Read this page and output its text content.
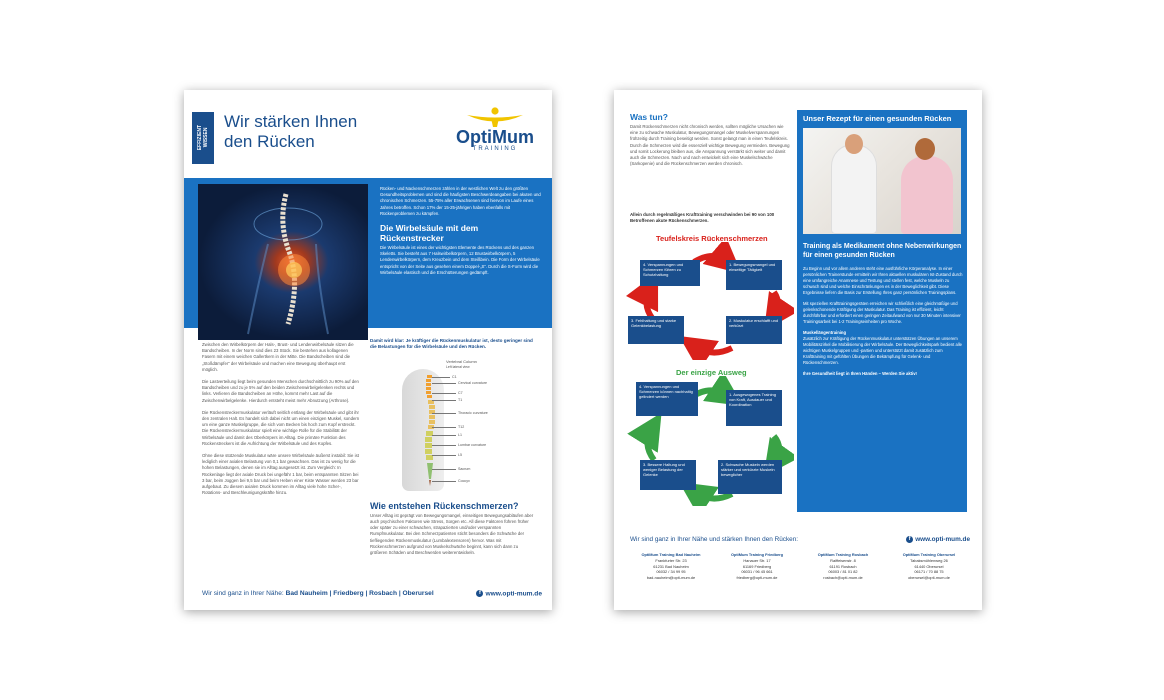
EFFIZIENT
WISSEN
Wir stärken Ihnen
den Rücken	OptiMum
TRAINING
Rücken- und Nackenschmerzen zählen in der westlichen Welt zu den größten Gesundheitsproblemen und sind die häufigsten Beschwerdeangaben bei akuten und chronischen Schmerzen. 55-75% aller Erwachsenen sind hiervon im Laufe eines Jahres betroffen. Schon 17% der 15-25-jährigen haben ebenfalls mit Rückenproblemen zu kämpfen.
Die Wirbelsäule mit dem Rückenstrecker
Die Wirbelsäule ist eines der wichtigsten Elemente des Rückens und des ganzen Skeletts. Sie besteht aus 7 Halswirbelkörpern, 12 Brustwirbelkörpern, 5 Lendenwirbelkörpern, dem Kreuzbein und dem Steißbein. Die Form der Wirbelsäule entspricht von der Seite aus gesehen einem Doppel-„S“. Durch die S-Form wird die Wirbelsäule elastisch und die Erschütterungen gedämpft.

Zwischen den Wirbelkörpern der Hals-, Brust- und Lendenwirbelsäule sitzen die Bandscheiben. In der Norm sind dies 23 Stück. Sie bestehen aus kollagenen Fasern mit einem weichen Gallertkern in der Mitte. Die Bandscheiben sind die „Stoßdämpfer“ der Wirbelsäule und machen eine Bewegung überhaupt erst möglich.

Die Lastverteilung liegt beim gesunden Menschen durchschnittlich zu 90% auf den Bandscheiben und zu je 5% auf den beiden Zwischenwirbelgelenken rechts und links. Verlieren die Bandscheiben an Höhe, kommt mehr Last auf die Zwischenwirbelgelenke. Hierdurch entsteht meist mehr Abnutzung (Arthrose).

Die Rückenstreckermuskulatur verläuft seitlich entlang der Wirbelsäule und gibt ihr den zentralen Halt. Es handelt sich dabei nicht um einen einzigen Muskel, sondern um eine ganze Muskelgruppe, die sich vom Becken bis hoch zum Kopf erstreckt. Die Rückenstreckermuskulatur spielt eine wichtige Rolle für die Stabilität der Wirbelsäule und damit des Oberkörpers im Alltag. Die primäre Funktion des Rückenstreckers ist die Aufrichtung der Wirbelsäule und des Kopfes.

Ohne diese stützende Muskulatur wäre unsere Wirbelsäule äußerst instabil: Sie ist lediglich einer axialen Belastung von 0,1 bar gewachsen. Das ist zu wenig für die hohen Belastungen, denen sie im Alltag ausgesetzt ist. Zum Vergleich: In Rückenlage liegt der axiale Druck bei ungefähr 1 bar, beim entspannten Sitzen bei 3 bar, beim Joggen bei 9,5 bar und beim Heben einer Kiste Wasser werden 23 bar aufgebaut. Zu diesem axialen Druck kommen im Alltag viele hohe Scher-, Rotations- und Beschleunigungskräfte hinzu.

Damit wird klar: Je kräftiger die Rückenmuskulatur ist, desto geringer sind die Belastungen für die Wirbelsäule und den Rücken.
Vertebral Column
Left lateral view
Cervical curvature
C1
C7
T1
Thoracic curvature
T12
L1
Lumbar curvature
L5
Sacrum
Coccyx
Wie entstehen Rückenschmerzen?
Unser Alltag ist geprägt von Bewegungsmangel, einseitigen Bewegungsabläufen aber auch psychischen Faktoren wie Stress, Sorgen etc. All diese Faktoren führen früher oder später zu einer schwachen, strapazierten und/oder verspannten Rumpfmuskulatur. Bei den Schmerzpatienten sticht besonders die Schwäche der tiefliegenden Rückenmuskulatur (Lumbalextensoren) hervor. Was mit Rückenschmerzen aufgrund von Muskelschwäche beginnt, kann sich dann zu größeren Schäden und Beschwerden weiterentwickeln.
Wir sind ganz in Ihrer Nähe: Bad Nauheim | Friedberg | Rosbach | Oberursel	f www.opti-mum.de
Was tun?
Damit Rückenschmerzen nicht chronisch werden, sollten mögliche Ursachen wie eine zu schwache Muskulatur, Bewegungsmangel oder Muskelverspannungen frühzeitig durch Training beseitigt werden. Sonst gelangt man in einen Teufelskreis. Durch die Schmerzen wird die essenziell wichtige Bewegung vermieden. Bewegung und somit Lockerung bleiben aus, die Anspannung verstärkt sich weiter und damit auch die Schmerzen. Nach und nach entwickelt sich eine Muskelschwäche (Sarkopenie) und die Rückenschmerzen werden chronisch.
Allein durch regelmäßiges Krafttraining verschwinden bei 90 von 100 Betroffenen akute Rückenschmerzen.
Teufelskreis Rückenschmerzen
1. Bewegungsmangel und einseitige Tätigkeit
2. Muskulatur erschlafft und verkürzt
3. Fehlhaltung und starke Gelenkbelastung
4. Verspannungen und Schmerzen führen zu Schutzhaltung
Der einzige Ausweg
1. Ausgewogenes Training von Kraft, Ausdauer und Koordination
2. Schwache Muskeln werden stärker und verkürzte Muskeln beweglicher
3. Bessere Haltung und weniger Belastung der Gelenke
4. Verspannungen und Schmerzen können nachhaltig gelindert werden
Unser Rezept für einen gesunden Rücken
Training als Medikament ohne Nebenwirkungen für einen gesunden Rücken

Zu Beginn und vor allem anderen steht eine ausführliche Körperanalyse. In einer persönlichen Trainerstunde ermitteln wir Ihren aktuellen muskulären Ist-Zustand durch eine umfangreiche Anamnese und Testung und stellen fest, welche Muskeln zu schwach sind und welche Einschränkungen es in der Beweglichkeit gibt. Diese Ergebnisse liefern die Basis zur Erstellung Ihres ganz persönlichen Trainingsplans.

Mit speziellen Krafttrainingsgeräten erreichen wir schließlich eine gleichmäßige und gelenkschonende Kräftigung der Muskulatur. Das Training ist effizient, leicht durchführbar und erfordert einen geringen Zeitaufwand von nur 30 Minuten intensiver Trainingsarbeit bei 1-2 Trainingseinheiten pro Woche.

Muskellängentraining

Zusätzlich zur Kräftigung der Rückenmuskulatur unterstützen Übungen an unserem Mobilitätszirkel die Mobilisierung der Wirbelsäule. Der Beweglichkeitspark bedient alle wichtigen Muskelgruppen und -partien und unterstützt damit zusätzlich zum Krafttraining mit gefühlten Übungen die Bekämpfung für Gelenk- und Rückenschmerzen.

Ihre Gesundheit liegt in Ihren Händen – Werden Sie aktiv!

Wir sind ganz in Ihrer Nähe und stärken Ihnen den Rücken:	f www.opti-mum.de
OptiMum Training Bad Nauheim
Frankfurter Str. 23
61231 Bad Nauheim
06032 / 34 99 95
bad-nauheim@opti-mum.de
OptiMum Training Friedberg
Hanauer Str. 17
61169 Friedberg
06031 / 96 45 661
friedberg@opti-mum.de
OptiMum Training Rosbach
Raiffeisenstr. 8
61191 Rosbach
06003 / 81 01 82
rosbach@opti-mum.de
OptiMum Training Oberursel
Tabaksmühlenweg 26
61440 Oberursel
06171 / 70 88 75
oberursel@opti-mum.de
